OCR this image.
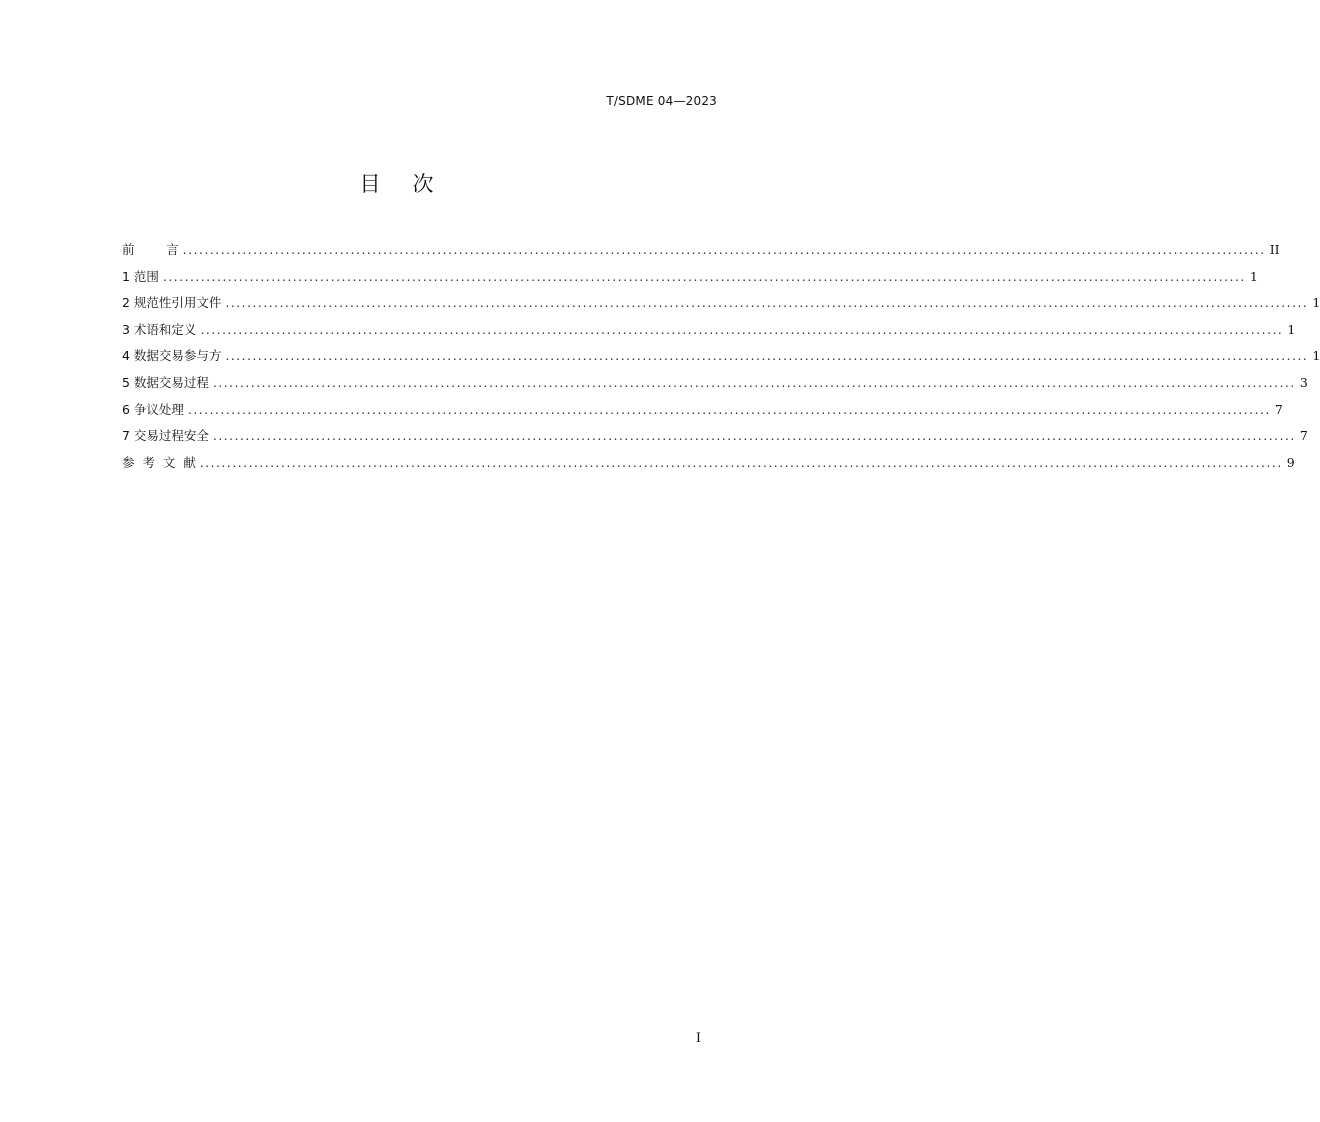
T/SDME 04—2023
目次
前        言 ........................................................................................................................................................................................................ II
1 范围 ........................................................................................................................................................................................................ 1
2 规范性引用文件 ........................................................................................................................................................................................................ 1
3 术语和定义 ........................................................................................................................................................................................................ 1
4 数据交易参与方 ........................................................................................................................................................................................................ 1
5 数据交易过程 ........................................................................................................................................................................................................ 3
6 争议处理 ........................................................................................................................................................................................................ 7
7 交易过程安全 ........................................................................................................................................................................................................ 7
参  考  文  献 ........................................................................................................................................................................................................ 9
I
